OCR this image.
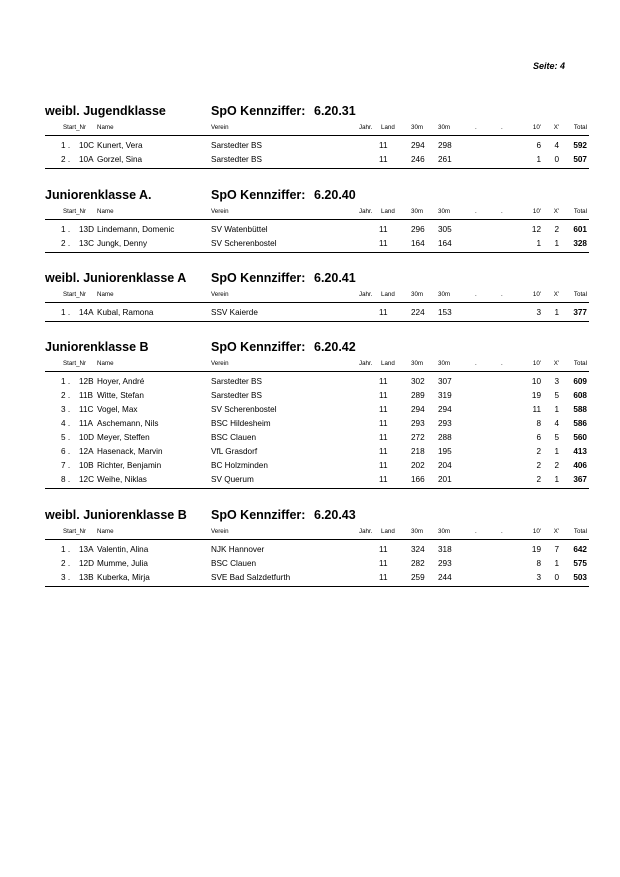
Seite: 4
weibl. Jugendklasse	SpO Kennziffer: 6.20.31
Start_Nr Name	Verein	Jahr. Land	30m 30m	.	.	10'	X'	Total
1 . 10C Kunert, Vera	Sarstedter BS	11	294 298	6	4	592
2 . 10A Gorzel, Sina	Sarstedter BS	11	246 261	1	0	507
Juniorenklasse A.	SpO Kennziffer: 6.20.40
Start_Nr Name	Verein	Jahr. Land	30m 30m	.	.	10'	X'	Total
1 . 13D Lindemann, Domenic	SV Watenbüttel	11	296 305	12	2	601
2 . 13C Jungk, Denny	SV Scherenbostel	11	164 164	1	1	328
weibl. Juniorenklasse A SpO Kennziffer: 6.20.41
Start_Nr Name	Verein	Jahr. Land	30m 30m	.	.	10'	X'	Total
1 . 14A Kubal, Ramona	SSV Kaierde	11	224 153	3	1	377
Juniorenklasse B	SpO Kennziffer: 6.20.42
Start_Nr Name	Verein	Jahr. Land	30m 30m	.	.	10'	X'	Total
1 . 12B Hoyer, André	Sarstedter BS	11	302 307	10	3	609
2 . 11B Witte, Stefan	Sarstedter BS	11	289 319	19	5	608
3 . 11C Vogel, Max	SV Scherenbostel	11	294 294	11	1	588
4 . 11A Aschemann, Nils	BSC Hildesheim	11	293 293	8	4	586
5 . 10D Meyer, Steffen	BSC Clauen	11	272 288	6	5	560
6 . 12A Hasenack, Marvin	VfL Grasdorf	11	218 195	2	1	413
7 . 10B Richter, Benjamin	BC Holzminden	11	202 204	2	2	406
8 . 12C Weihe, Niklas	SV Querum	11	166 201	2	1	367
weibl. Juniorenklasse B SpO Kennziffer: 6.20.43
Start_Nr Name	Verein	Jahr. Land	30m 30m	.	.	10'	X'	Total
1 . 13A Valentin, Alina	NJK Hannover	11	324 318	19	7	642
2 . 12D Mumme, Julia	BSC Clauen	11	282 293	8	1	575
3 . 13B Kuberka, Mirja	SVE Bad Salzdetfurth	11	259 244	3	0	503
